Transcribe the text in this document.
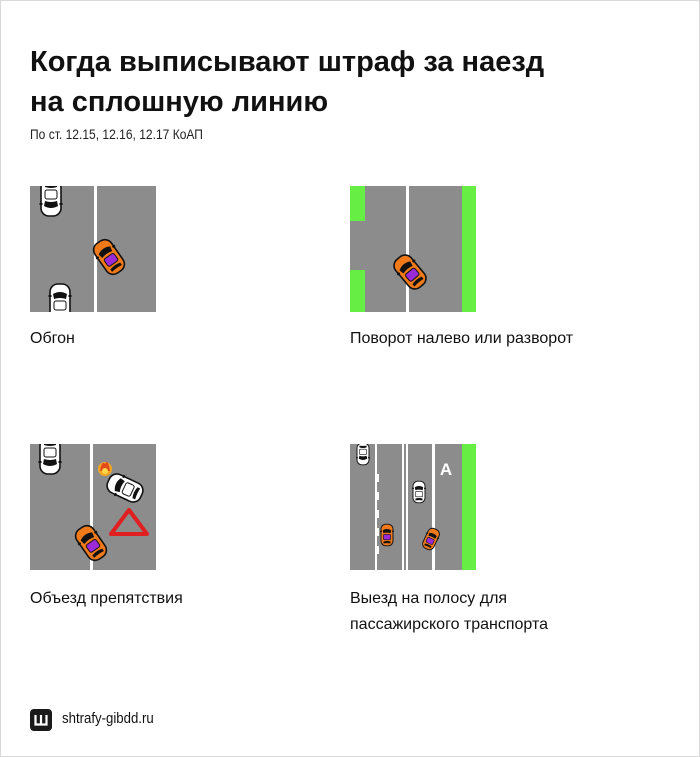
Когда выписывают штраф за наезд
на сплошную линию
По ст. 12.15, 12.16, 12.17 КоАП
Обгон	Поворот налево или разворот
Объезд препятствия
А
Выезд на полосу для
пассажирского транспорта
shtrafy-gibdd.ru
